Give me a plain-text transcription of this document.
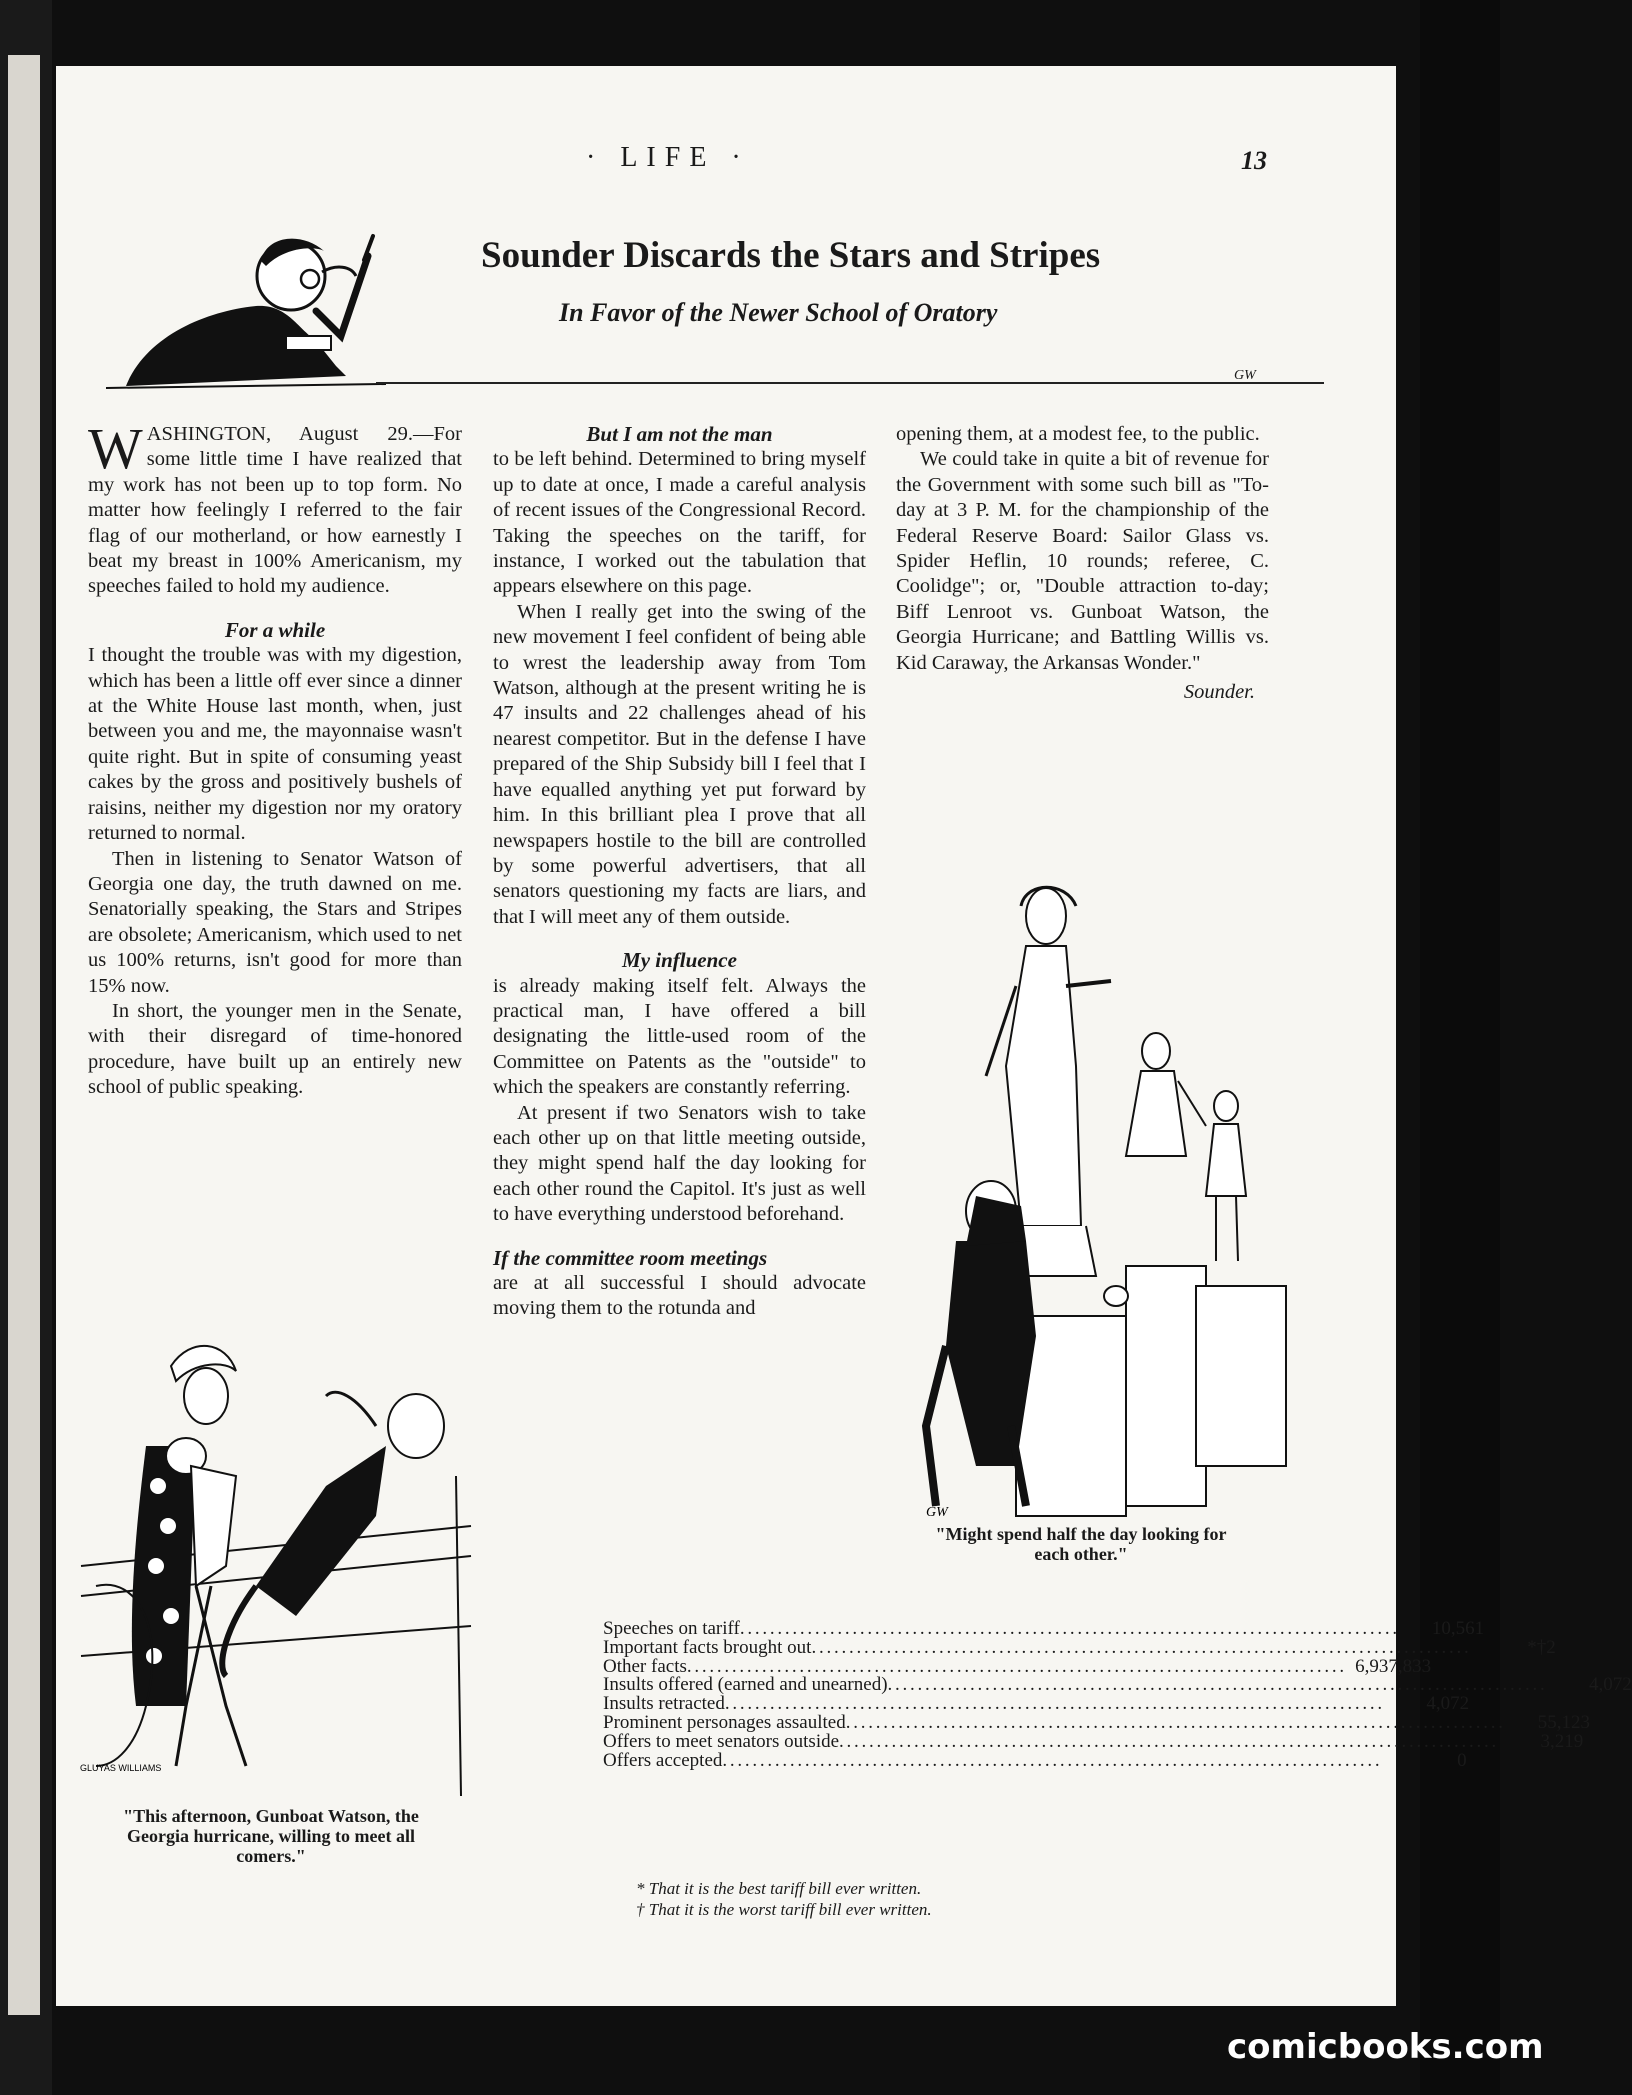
· LIFE ·	13
Sounder Discards the Stars and Stripes
In Favor of the Newer School of Oratory
GW

WASHINGTON, August 29.—For some little time I have realized that my work has not been up to top form. No matter how feelingly I referred to the fair flag of our motherland, or how earnestly I beat my breast in 100% Americanism, my speeches failed to hold my audience.

For a while

I thought the trouble was with my digestion, which has been a little off ever since a dinner at the White House last month, when, just between you and me, the mayonnaise wasn't quite right. But in spite of consuming yeast cakes by the gross and positively bushels of raisins, neither my digestion nor my oratory returned to normal.

Then in listening to Senator Watson of Georgia one day, the truth dawned on me. Senatorially speaking, the Stars and Stripes are obsolete; Americanism, which used to net us 100% returns, isn't good for more than 15% now.

In short, the younger men in the Senate, with their disregard of time-honored procedure, have built up an entirely new school of public speaking.

But I am not the man

to be left behind. Determined to bring myself up to date at once, I made a careful analysis of recent issues of the Congressional Record. Taking the speeches on the tariff, for instance, I worked out the tabulation that appears elsewhere on this page.

When I really get into the swing of the new movement I feel confident of being able to wrest the leadership away from Tom Watson, although at the present writing he is 47 insults and 22 challenges ahead of his nearest competitor. But in the defense I have prepared of the Ship Subsidy bill I feel that I have equalled anything yet put forward by him. In this brilliant plea I prove that all newspapers hostile to the bill are controlled by some powerful advertisers, that all senators questioning my facts are liars, and that I will meet any of them outside.

My influence

is already making itself felt. Always the practical man, I have offered a bill designating the little-used room of the Committee on Patents as the "outside" to which the speakers are constantly referring.

At present if two Senators wish to take each other up on that little meeting outside, they might spend half the day looking for each other round the Capitol. It's just as well to have everything understood beforehand.

If the committee room meetings

are at all successful I should advocate moving them to the rotunda and

opening them, at a modest fee, to the public.

We could take in quite a bit of revenue for the Government with some such bill as "To-day at 3 P. M. for the championship of the Federal Reserve Board: Sailor Glass vs. Spider Heflin, 10 rounds; referee, C. Coolidge"; or, "Double attraction to-day; Biff Lenroot vs. Gunboat Watson, the Georgia Hurricane; and Battling Willis vs. Kid Caraway, the Arkansas Wonder."

Sounder.
GLUYAS WILLIAMS
"This afternoon, Gunboat Watson, the Georgia hurricane, willing to meet all comers."
GW
"Might spend half the day looking for each other."
Speeches on tariff . . .	10,561
Important facts brought out . . .	*†2
Other facts . . .	6,937,833
Insults offered (earned and unearned) . . .	4,072
Insults retracted . . .	4,072
Prominent personages assaulted . . .	55,123
Offers to meet senators outside . . .	3,219
Offers accepted . . .	0
* That it is the best tariff bill ever written.
† That it is the worst tariff bill ever written.
comicbooks.com
